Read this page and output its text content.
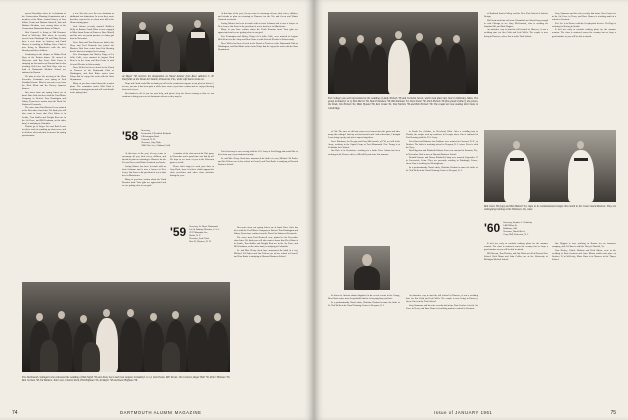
moved Brookline where he is chairman of the Conservation Planning Commission and a member of the Mass. Annual Survey of Law Editor, Frank and Barbara Sartwell, Jack and Barbara Elenbaas, were among those at the Connecticut Dartmouth dinner in March.

Bob Cornwell is living at 244 Kenmore Road in Wellesley Hills where he recently moved from Pittsburgh. Ed and Mary Dessau have a new home in Andover and Frank Harvey is teaching at Phillips. Dave Clark is now living in Manchester with his wife Dorothy and three children.

Continuing in the chapter of Walton Herb Bays at the Boston dinner. He moved to Worcester with Ray Frost. Dick Green is studying for his masters at Harvard and is also teaching. Bob Luce and Dick Hays who are both at Dartmouth Medical School are stationed in Boston.

We plan to seize the meeting of the Class Executive Committee next spring at Fred Stoddard's home. Most of our notes were from the Rich Mead and the Harvey Sparrow dinners.

Our notes from our spring letters are at hand. Dave Jaffe has been with the Ford Motor Company in Detroit. Tom Huntington and Sidney Tyson have written from the Naval Air Station at Pensacola.

The notes from Paul Bentwell were printed in the December class letter. We think you will also want to know that Chet Olson is in Seattle, Tom Stabler and Dwight Kent are in the Air Force, and Bill Grodman, on the other hand, is studying at Columbia.

Thanks go to Roger Fox and Brad Lewis for their work in rounding up class news, and to all those who took time to answer the spring questionnaire.

a few 58s who were the new chairman as additional tax deductions. In seven they wrote that they expected to see them next fall at the Homecoming game.

Jack Ahearn recently married Kathleen Kelly of Boston. Frank Tabor is now engaged to Miss Susan Evans of Hanover. Dave Morrill and his wife are proud parents of a baby girl born in November.

Steve Dorn and Tom Brown are both in the Navy and Fred Kennedy has joined the Marines. Bob Lane writes from Fort Benning that he has been assigned to Germany.

Pete Pennington and Shirley Tingo of La Jolla, Calif., were married in August. Dick Kern is in the Army and Ron Foster is with General Electric in Schenectady.

Dave Weller has been elected to the Board of Trustees of the Dartmouth Club of Washington, and Paul Ritter writes from Tokyo that he enjoys his work with the State Department.

Many of you have asked about the reunion plans. The committee under Walt Nash is working on arrangements and will send details in the spring letter.

Al Mayer '58 receives his designation as Naval Aviator from Rear Admiral C. H. Duerfeldt, at the Naval Air Station, Pensacola, Fla., while wife Karen looks on.

Hope and I both would like to thank you all for the wonderful response to our plea for letters. I, for one, am sure it has been quite a while since some of you have written and we enjoyed hearing from each of you.

Our thanks to all of you for your help, and please keep the letters coming so that we can continue to bring you news of classmates wherever they may be.

'58 Secretary,
Lieutenant J. Kendrick Richards
6 Kensington Road
Concord, N. H.
Treasurer, Gary Hyde
3200 Glen Ave., Oakland, Calif.

At this time of the year, it's my venue to encourage all you, their wives, children, and friends to plan on returning to Hanover for the Ten and Green and Winter Carnival weekends.

Loring Warner has been in touch with us from Lebanon and is now a lawyer in New Jersey. Jim Pease is the president of a new firm here in Manchester.

Many of you have written about the Tenth Reunion fund. Your gifts are appreciated and we are getting close to our goal.

A number of the class met at the Yale game in November and a good time was had by all. We hope to see more of you at the Princeton game next fall.

Please don't forget to send your dues to Gary Hyde, since it is these which support the class newsletter and other class activities during the year.

'59 Secretary, Lt. Bruce Hammond
1st Air Infantry Division, C.A.A.
2217 Mountain Ave.
Bucks, N. Y.
Treasurer, Fred Clark
Box 42, Hanover, N. H.

Your Secretary is now serving with the U.S. Army at Fort Bragg and would like to hear from any of you stationed nearby.

Lt. and Mrs. Henry Scott have announced the birth of a son, Michael. Ed Parker and Jim Fellows are at law school at Cornell, and Tom Burke is studying at Harvard Business School.

At this time of the year, it's my venue to encourage all you, their wives, children, and friends to plan on returning to Hanover for the Ten and Green and Winter Carnival weekends.

Loring Warner has been in touch with us from Lebanon and is now a lawyer in New Jersey. Jim Pease is the president of a new firm here in Manchester.

Many of you have written about the Tenth Reunion fund. Your gifts are appreciated and we are getting close to our goal.

Pete Pennington and Shirley Tingo of La Jolla, Calif., were married in August. Dick Kern is in the Army and Ron Foster is with General Electric in Schenectady.

Dave Weller has been elected to the Board of Trustees of the Dartmouth Club of Washington, and Paul Ritter writes from Tokyo that he enjoys his work with the State Department.

The Dartmouth contingent who witnessed the wedding of Bob Smith '59 and Jenny Lee Leach last summer included (l. to r.): Jack Evans, Bill Turner, Jim Conners, Roger Hall '59, Peter Tillotson '59, Ron Carlson '58, Ed Wallace, Tom Cone, Charles Park, Phil Hoffman '59, Al Mayer '58 and Dave Hoffman '58.

Our notes from our spring letters are at hand. Dave Jaffe has been with the Ford Motor Company in Detroit. Tom Huntington and Sidney Tyson have written from the Naval Air Station at Pensacola.

The notes from Paul Bentwell were printed in the December class letter. We think you will also want to know that Chet Olson is in Seattle, Tom Stabler and Dwight Kent are in the Air Force, and Bill Grodman, on the other hand, is studying at Columbia.

Lt. and Mrs. Henry Scott have announced the birth of a son, Michael. Ed Parker and Jim Fellows are at law school at Cornell, and Tom Burke is studying at Harvard Business School.

74	DARTMOUTH ALUMNI MAGAZINE

of Bradford Junior College and the New York School of Interior Design.

Phil Scott took time off from Columbia Law School long enough to visit Chicago to see Gary McCormick, who is working for Standard Oil, and Dick Hughes.

An attractive way to start the fall festival in Hanover, it was a wedding time for Jim Cobb and Lola Wells. The couple is now living in Hanover, where Jim is at the Tuck School.

Gary Simmons and his wife recently had twins. Don Crocker is in the Air Force in Texas, and Dave Barnes is teaching math at a school in Vermont.

Pete Lee is in Denver with the Geophysical Service. Ted Page is working for Boeing in Seattle.

It isn't too early to consider making plans for the summer reunion. The class is scattered across the country but we hope a good number of you will be able to attend.

The College was well represented at the wedding of Andy Nichols '58 and Cornelia Green, which took place last June in Wellesley, Mass. The group included (l. to r.) Ned Morris '58, Nate Erlandson '58, Bob Kinnane '61, Steve Dunn '58, Dick Nichols '58 (the groom's father), the groom, the bride, Jim Nichols '62, Mike Wynant '58, Ken Cooke '61, Tom Nichols '59 and Bob Nichols '58. The couple are now making their home in Cambridge.

of '58s. The ones we did run across were honest after the game and after many other things I find my real and social work. And at that time, I thought I was doing a pretty fair job of supervising them.

Steve Kaufman, Joe Keegan and Gary McCormick, all '58, are still in the Army, working in the Signal Corps at Fort Monmouth. Pete Young is at Columbia Law School.

Jim Hale is in Providence working for a bank. Peter Adams has been working in the Denver office of Merrill Lynch since last summer.

in Linda Lee Goldber, in Cleveland, Ohio. After a wedding trip to Florida, the couple took up residence in Georgia where Jim is stationed at Fort Benning with the U.S. Army.

Peter Burt and Barbara Ann Faulkner were married in Concord, N. H., in October. The bride is teaching school in Newport, R. I. where Peter is with the Navy.

Bob Edgerton and Elizabeth Osborn Seiss were married in Sarasota, Fla., in November. Bob is now at Harvard Business School.

Donald Faraone and Nancy Elizabeth Camp were married September 17 in Greenwich, Conn. They are presently residing in Pittsburgh, Penna., where Ron is working for Westinghouse.

In a predominantly Naval affair, Christine Hudson became the bride of Lt. Ned Wells at the Naval Training Center in Newport, R. I.

In letters to African affairs disguised in the recent events in the Congo, Dave Bain writes from Leopoldville that he is keeping busy and safe.

In a predominantly Naval affair, Christine Hudson became the bride of Lt. Ned Wells at the Naval Training Center in Newport, R. I.

An attractive way to start the fall festival in Hanover, it was a wedding time for Jim Cobb and Lola Wells. The couple is now living in Hanover, where Jim is at the Tuck School.

Gary Simmons and his wife recently had twins. Don Crocker is in the Air Force in Texas, and Dave Barnes is teaching math at a school in Vermont.

Bob Jones '60 (top) and Bob Halsell '61, hope to be commissioned ensigns this month in the Coast Guard Reserve. They are undergoing training at the Yorktown, Va., base.
'60 Secretary, Stephen C. Schnicky
1406 Dillon St.
Baltimore, Md.
Treasurer, Harold Reed
Gerry Hall, Princeton, N. J.

It isn't too early to consider making plans for the summer reunion. The class is scattered across the country but we hope a good number of you will be able to attend.

Bill Slocum, Tom Fletcher, and Jim Nolan are all at Harvard Law School. Dick Mann and John Collier are at the University of Michigan Medical School.

Jim Higgins is now working in Boston for an insurance company, and Al Chase is with the Navy in Norfolk, Va.

Tom Hickey, Chuck Hoskins and Dick Moore were at the wedding of Russ Garrison and Anne Mason which took place on October 15 in Wellesley, Mass. Russ is in Hanover at the Thayer School.

Issue of JANUARY 1961	75
